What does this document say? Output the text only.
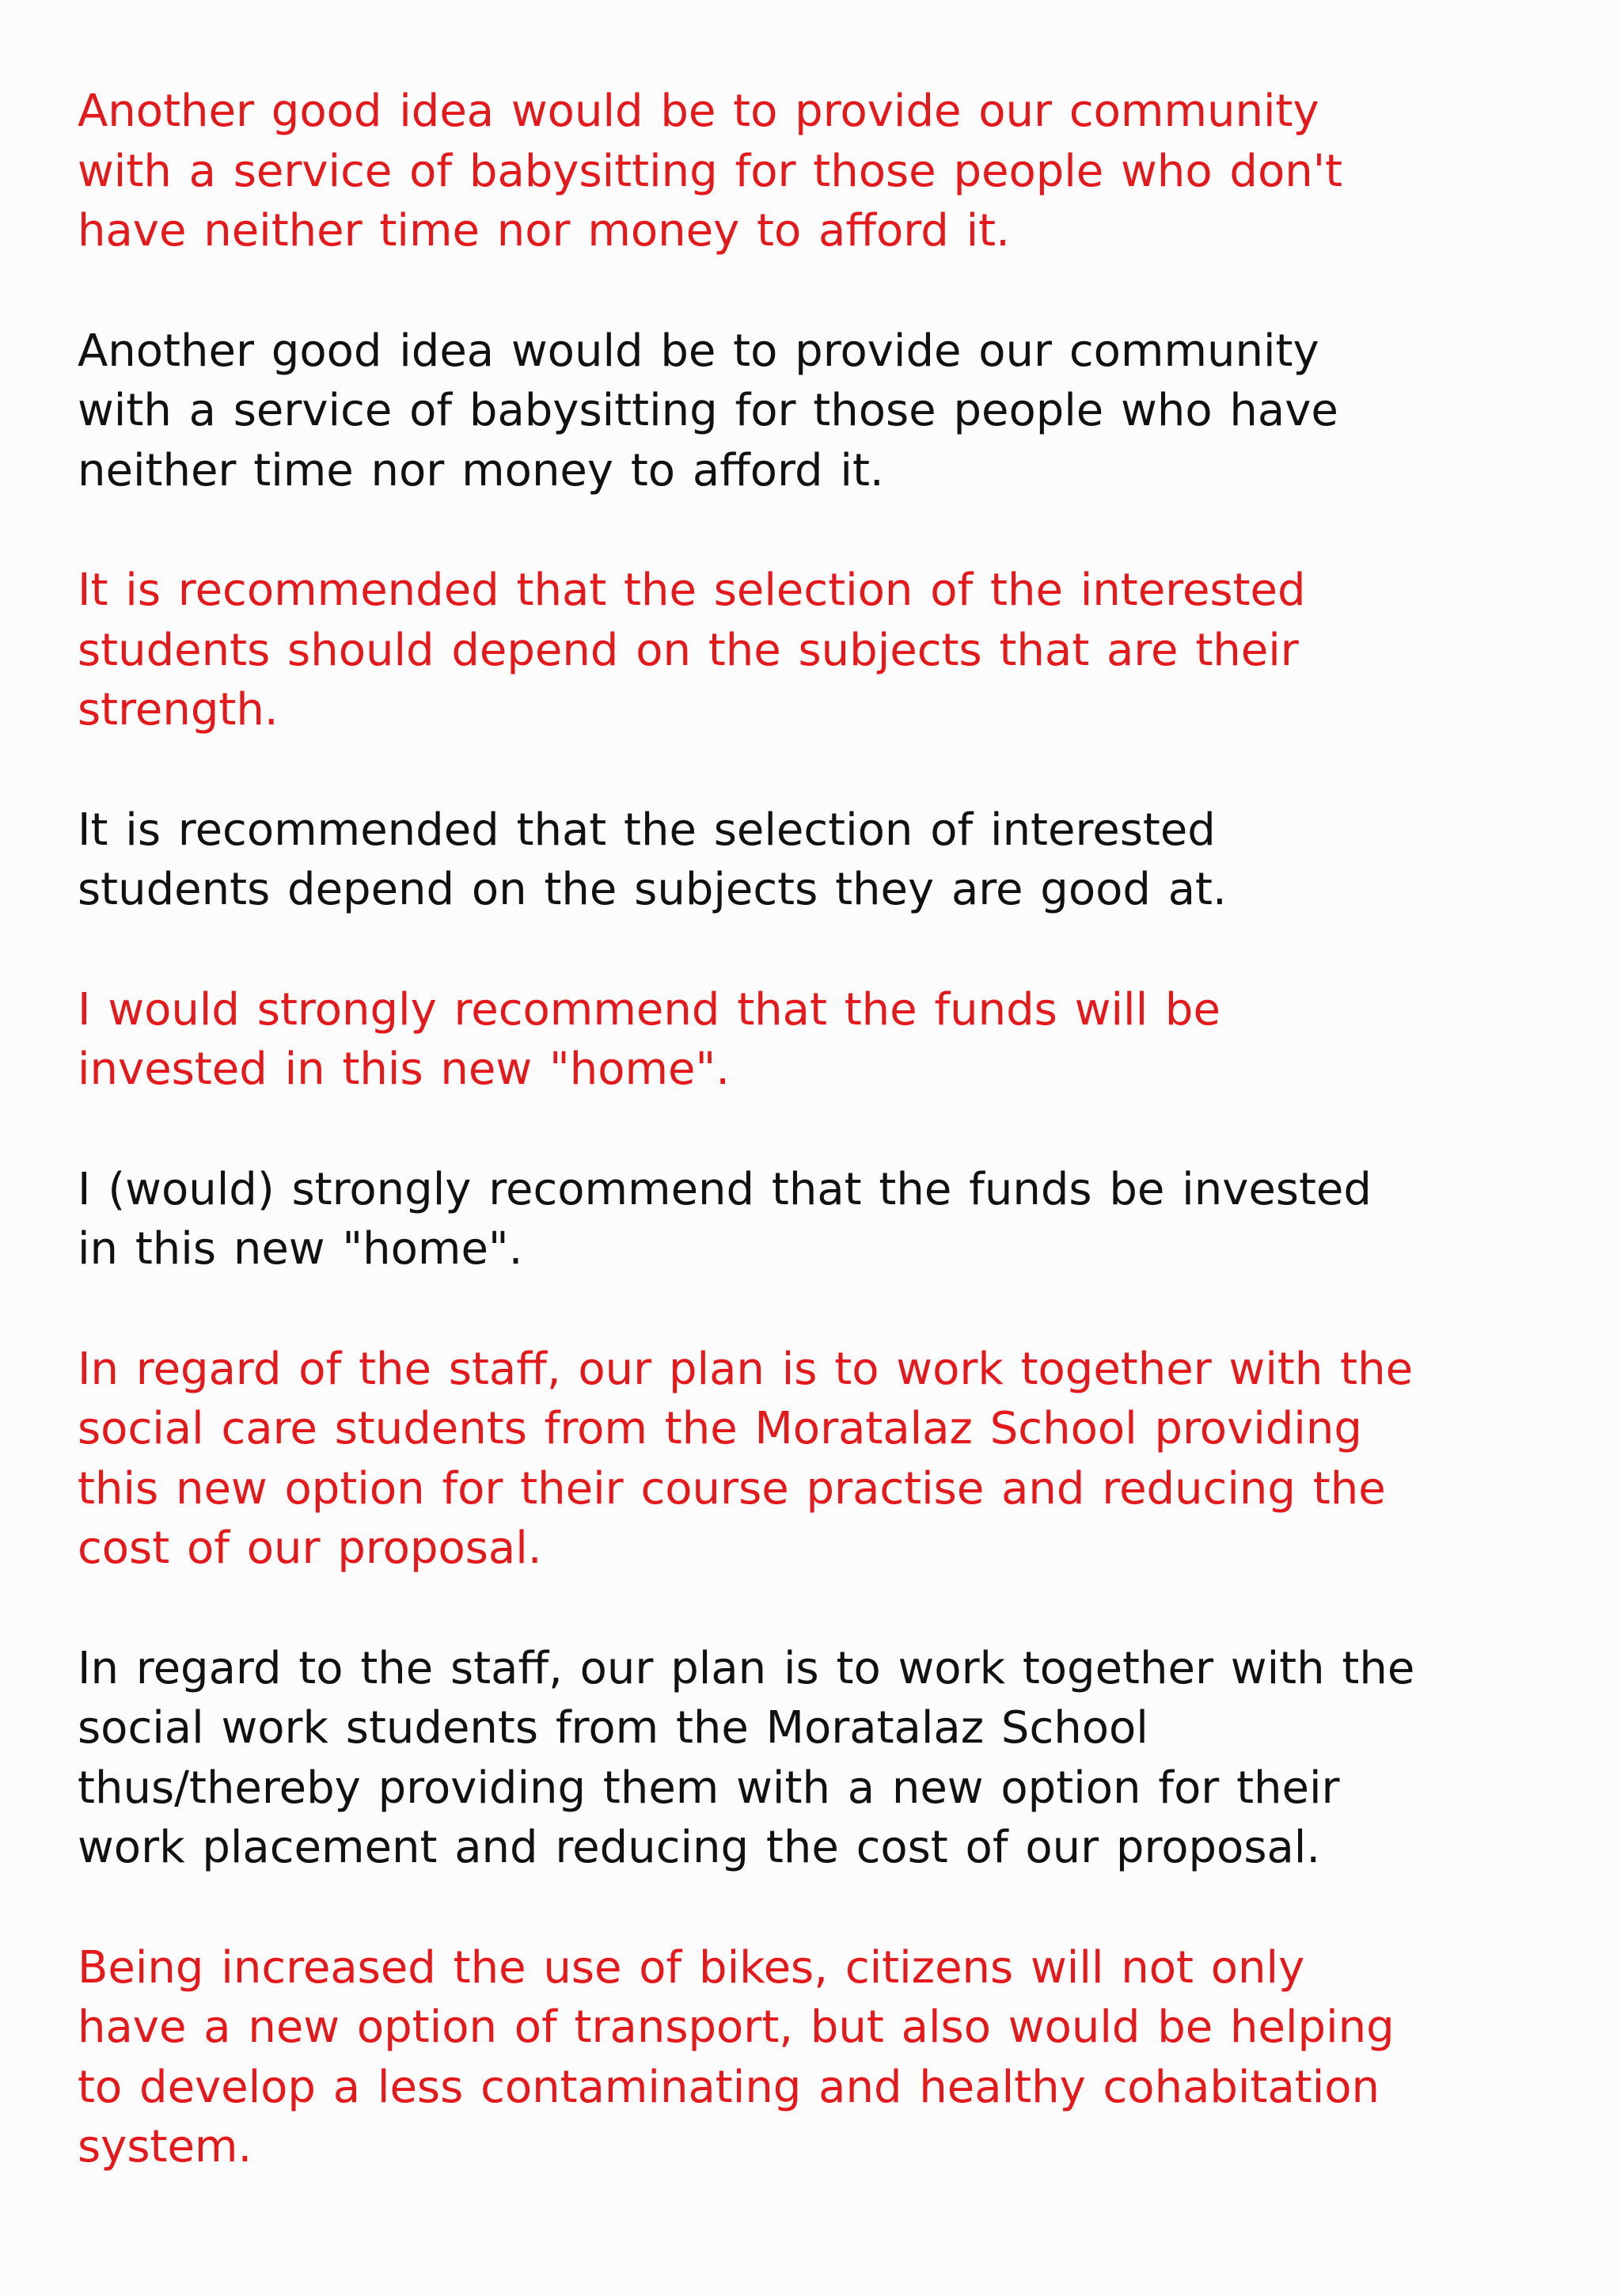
Another good idea would be to provide our community
with a service of babysitting for those people who don't
have neither time nor money to afford it.

Another good idea would be to provide our community
with a service of babysitting for those people who have
neither time nor money to afford it.

It is recommended that the selection of the interested
students should depend on the subjects that are their
strength.

It is recommended that the selection of interested
students depend on the subjects they are good at.

I would strongly recommend that the funds will be
invested in this new "home".

I (would) strongly recommend that the funds be invested
in this new "home".

In regard of the staff, our plan is to work together with the
social care students from the Moratalaz School providing
this new option for their course practise and reducing the
cost of our proposal.

In regard to the staff, our plan is to work together with the
social work students from the Moratalaz School
thus/thereby providing them with a new option for their
work placement and reducing the cost of our proposal.

Being increased the use of bikes, citizens will not only
have a new option of transport, but also would be helping
to develop a less contaminating and healthy cohabitation
system.
